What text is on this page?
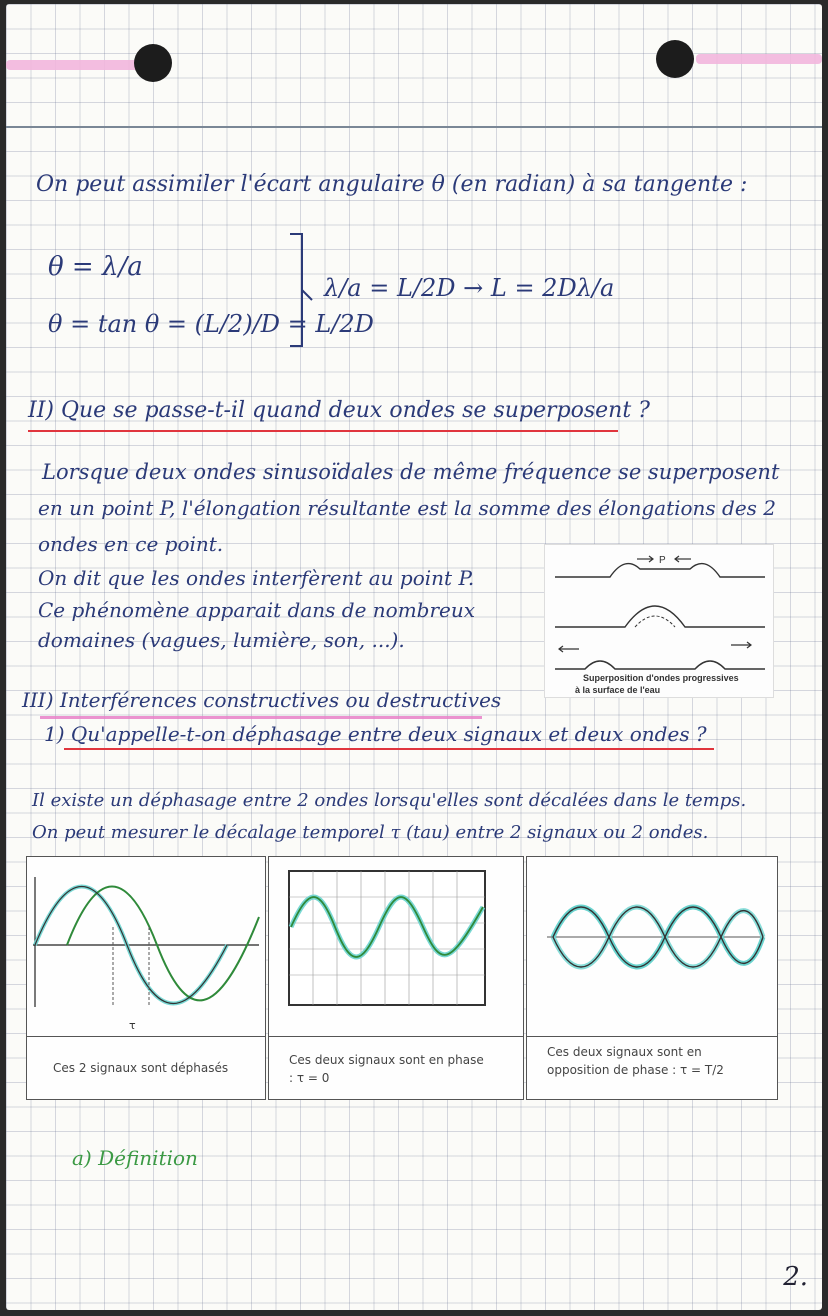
On peut assimiler l'écart angulaire θ (en radian) à sa tangente :
θ = λ/a
θ = tan θ = (L/2)/D = L/2D
λ/a = L/2D → L = 2Dλ/a
II) Que se passe-t-il quand deux ondes se superposent ?
Lorsque deux ondes sinusoïdales de même fréquence se superposent
en un point P, l'élongation résultante est la somme des élongations des 2
ondes en ce point.
On dit que les ondes interfèrent au point P.
Ce phénomène apparait dans de nombreux
domaines (vagues, lumière, son, ...).
P
Superposition d'ondes progressives
à la surface de l'eau
III) Interférences constructives ou destructives
1) Qu'appelle-t-on déphasage entre deux signaux et deux ondes ?
Il existe un déphasage entre 2 ondes lorsqu'elles sont décalées dans le temps.
On peut mesurer le décalage temporel τ (tau) entre 2 signaux ou 2 ondes.
τ
Ces 2 signaux sont déphasés
Ces deux signaux sont en phase : τ = 0
Ces deux signaux sont en opposition de phase : τ = T/2
a) Définition
2.
